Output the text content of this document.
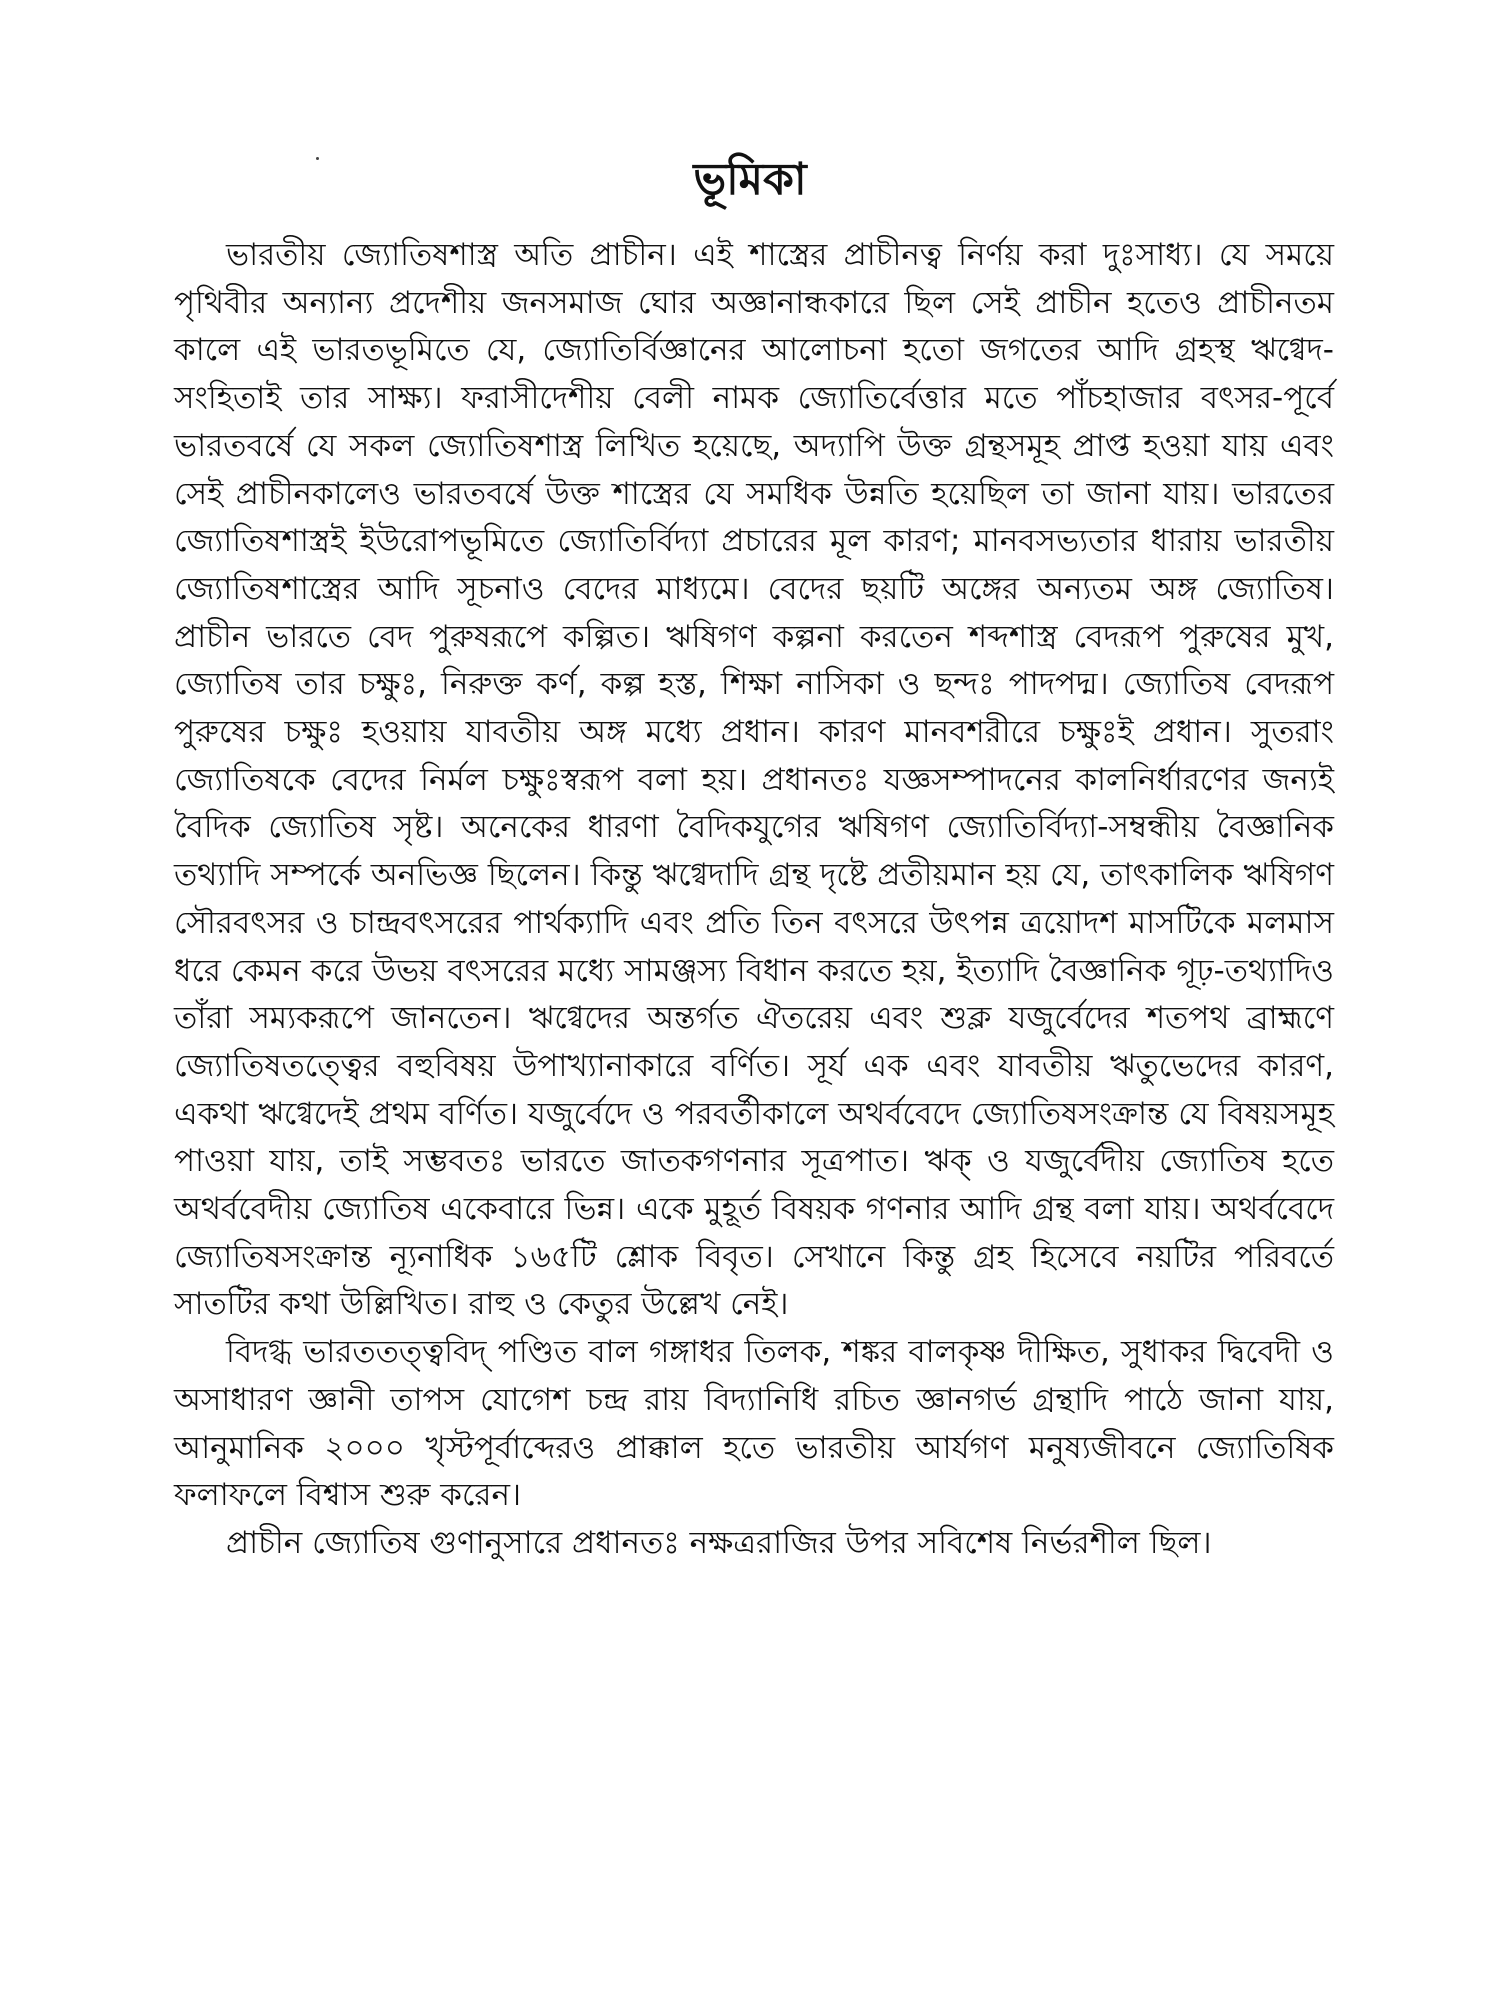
ভূমিকা

ভারতীয় জ্যোতিষশাস্ত্র অতি প্রাচীন। এই শাস্ত্রের প্রাচীনত্ব নির্ণয় করা দুঃসাধ্য। যে সময়ে পৃথিবীর অন্যান্য প্রদেশীয় জনসমাজ ঘোর অজ্ঞানান্ধকারে ছিল সেই প্রাচীন হতেও প্রাচীনতম কালে এই ভারতভূমিতে যে, জ্যোতির্বিজ্ঞানের আলোচনা হতো জগতের আদি গ্রহস্থ ঋগ্বেদ-সংহিতাই তার সাক্ষ্য। ফরাসীদেশীয় বেলী নামক জ্যোতির্বেত্তার মতে পাঁচহাজার বৎসর-পূর্বে ভারতবর্ষে যে সকল জ্যোতিষশাস্ত্র লিখিত হয়েছে, অদ্যাপি উক্ত গ্রন্থসমূহ প্রাপ্ত হওয়া যায় এবং সেই প্রাচীনকালেও ভারতবর্ষে উক্ত শাস্ত্রের যে সমধিক উন্নতি হয়েছিল তা জানা যায়। ভারতের জ্যোতিষশাস্ত্রই ইউরোপভূমিতে জ্যোতির্বিদ্যা প্রচারের মূল কারণ; মানবসভ্যতার ধারায় ভারতীয় জ্যোতিষশাস্ত্রের আদি সূচনাও বেদের মাধ্যমে। বেদের ছয়টি অঙ্গের অন্যতম অঙ্গ জ্যোতিষ। প্রাচীন ভারতে বেদ পুরুষরূপে কল্পিত। ঋষিগণ কল্পনা করতেন শব্দশাস্ত্র বেদরূপ পুরুষের মুখ, জ্যোতিষ তার চক্ষুঃ, নিরুক্ত কর্ণ, কল্প হস্ত, শিক্ষা নাসিকা ও ছন্দঃ পাদপদ্ম। জ্যোতিষ বেদরূপ পুরুষের চক্ষুঃ হওয়ায় যাবতীয় অঙ্গ মধ্যে প্রধান। কারণ মানবশরীরে চক্ষুঃই প্রধান। সুতরাং জ্যোতিষকে বেদের নির্মল চক্ষুঃস্বরূপ বলা হয়। প্রধানতঃ যজ্ঞসম্পাদনের কালনির্ধারণের জন্যই বৈদিক জ্যোতিষ সৃষ্ট। অনেকের ধারণা বৈদিকযুগের ঋষিগণ জ্যোতির্বিদ্যা-সম্বন্ধীয় বৈজ্ঞানিক তথ্যাদি সম্পর্কে অনভিজ্ঞ ছিলেন। কিন্তু ঋগ্বেদাদি গ্রন্থ দৃষ্টে প্রতীয়মান হয় যে, তাৎকালিক ঋষিগণ সৌরবৎসর ও চান্দ্রবৎসরের পার্থক্যাদি এবং প্রতি তিন বৎসরে উৎপন্ন ত্রয়োদশ মাসটিকে মলমাস ধরে কেমন করে উভয় বৎসরের মধ্যে সামঞ্জস্য বিধান করতে হয়, ইত্যাদি বৈজ্ঞানিক গূঢ়-তথ্যাদিও তাঁরা সম্যকরূপে জানতেন। ঋগ্বেদের অন্তর্গত ঐতরেয় এবং শুক্ল যজুর্বেদের শতপথ ব্রাহ্মণে জ্যোতিষতত্ত্বের বহুবিষয় উপাখ্যানাকারে বর্ণিত। সূর্য এক এবং যাবতীয় ঋতুভেদের কারণ, একথা ঋগ্বেদেই প্রথম বর্ণিত। যজুর্বেদে ও পরবর্তীকালে অথর্ববেদে জ্যোতিষসংক্রান্ত যে বিষয়সমূহ পাওয়া যায়, তাই সম্ভবতঃ ভারতে জাতকগণনার সূত্রপাত। ঋক্ ও যজুর্বেদীয় জ্যোতিষ হতে অথর্ববেদীয় জ্যোতিষ একেবারে ভিন্ন। একে মুহূর্ত বিষয়ক গণনার আদি গ্রন্থ বলা যায়। অথর্ববেদে জ্যোতিষসংক্রান্ত ন্যূনাধিক ১৬৫টি শ্লোক বিবৃত। সেখানে কিন্তু গ্রহ হিসেবে নয়টির পরিবর্তে সাতটির কথা উল্লিখিত। রাহু ও কেতুর উল্লেখ নেই।

বিদগ্ধ ভারততত্ত্ববিদ্ পণ্ডিত বাল গঙ্গাধর তিলক, শঙ্কর বালকৃষ্ণ দীক্ষিত, সুধাকর দ্বিবেদী ও অসাধারণ জ্ঞানী তাপস যোগেশ চন্দ্র রায় বিদ্যানিধি রচিত জ্ঞানগর্ভ গ্রন্থাদি পাঠে জানা যায়, আনুমানিক ২০০০ খৃস্টপূর্বাব্দেরও প্রাক্কাল হতে ভারতীয় আর্যগণ মনুষ্যজীবনে জ্যোতিষিক ফলাফলে বিশ্বাস শুরু করেন।

প্রাচীন জ্যোতিষ গুণানুসারে প্রধানতঃ নক্ষত্ররাজির উপর সবিশেষ নির্ভরশীল ছিল।
